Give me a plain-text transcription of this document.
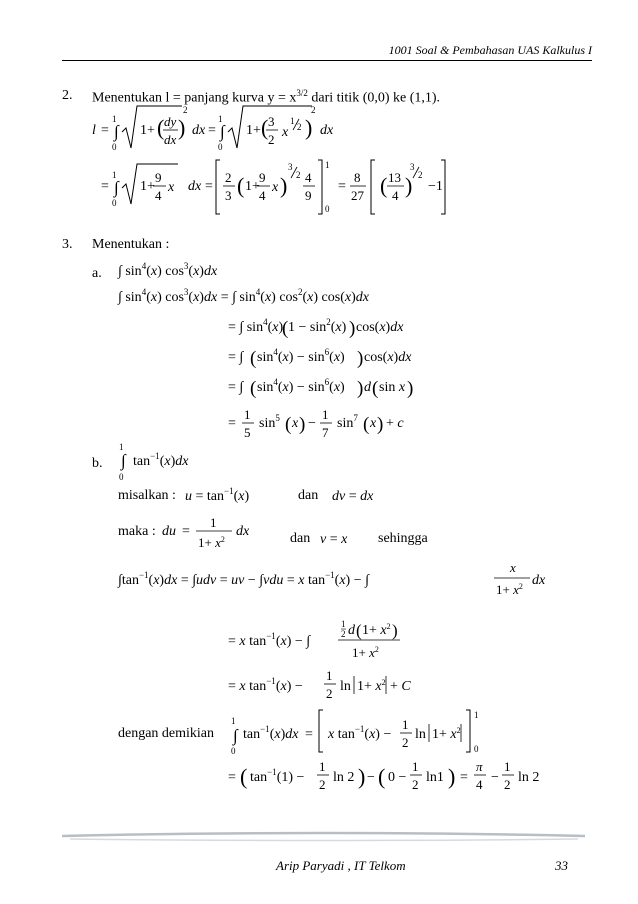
1001 Soal & Pembahasan UAS Kalkulus I
2. Menentukan l = panjang kurva $y = x^{3/2}$ dari titik (0,0) ke (1,1).
3. Menentukan :
a.
b.
misalkan :	dan
maka :	dan	sehingga
dengan demikian
l = ∫
1
0
1+ ( dy
dx )
2
dx = ∫
1
0
1+ ( 3
2 x
1
2 )
2
dx
= ∫
1
0
1+
9
4
x dx =
2
3 ( 1+
9
4
x )
3
2 4
9
1
0
=
8
27 ( 13
4 )
3
2
−1
∫ $\sin^4(x)$ $\cos^3(x)dx$
∫ $\sin^4(x) \cos^3(x)dx$ = ∫ $\sin^4(x)$ $\cos^2(x)$ cos(x)dx
= ∫ $\sin^4(x)$
( $1 - \sin^2(x)$ ) cos(x)dx
= ∫ ( $\sin^4(x) - \sin^6(x)$ ) cos(x)dx
= ∫ ( $\sin^4(x) - \sin^6(x)$ ) d ( sin x )
=
1
5
$\sin^5$ ( x ) −
1
7
$\sin^7$ ( x ) + c
∫
1
0
$\tan^{-1}(x)dx$
$u = \tan^{-1}(x)$	dv = dx
du =
1
$1+ x^2$
dx
v = x
$\int\tan^{-1}(x)dx = \int udv$ = uv − ∫vdu = x $\tan^{-1}(x)$ − ∫
x
$1+ x^2$ dx
= x $\tan^{-1}(x)$ − ∫
1
2 d ( $1+ x^2$ )
$1+ x^2$
= x $\tan^{-1}(x)$ −
1
2 $\ln 1+ x^2 + C$
∫
1
0
$\tan^{-1}(x)dx = x$ $\tan^{-1}(x)$ −
1
2
$\ln 1+ x^2$
1
0
= ( $\tan^{-1}(1)$ −
1
2 ln 2 ) − ( 0 −
1
2 ln1 ) =
π
4 −
1
2 ln 2
Arip Paryadi , IT Telkom	33
